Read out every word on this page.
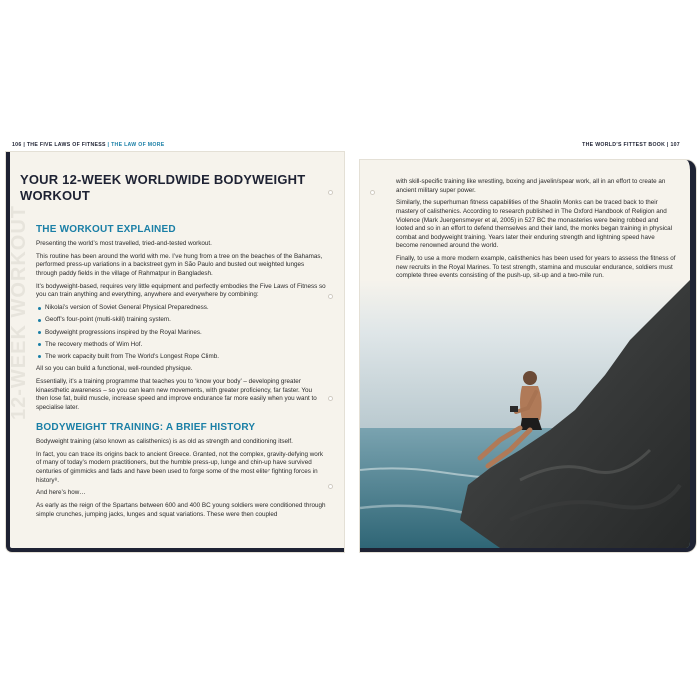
106 | THE FIVE LAWS OF FITNESS | THE LAW OF MORE	THE WORLD’S FITTEST BOOK | 107
12-WEEK WORKOUT
YOUR 12-WEEK WORLDWIDE BODYWEIGHT WORKOUT
THE WORKOUT EXPLAINED

Presenting the world’s most travelled, tried-and-tested workout.

This routine has been around the world with me. I’ve hung from a tree on the beaches of the Bahamas, performed press-up variations in a backstreet gym in São Paulo and busted out weighted lunges through paddy fields in the village of Rahmatpur in Bangladesh.

It’s bodyweight-based, requires very little equipment and perfectly embodies the Five Laws of Fitness so you can train anything and everything, anywhere and everywhere by combining:

Nikolai’s version of Soviet General Physical Preparedness.
Geoff’s four-point (multi-skill) training system.
Bodyweight progressions inspired by the Royal Marines.
The recovery methods of Wim Hof.
The work capacity built from The World’s Longest Rope Climb.

All so you can build a functional, well-rounded physique.

Essentially, it’s a training programme that teaches you to ‘know your body’ – developing greater kinaesthetic awareness – so you can learn new movements, with greater proficiency, far faster. You then lose fat, build muscle, increase speed and improve endurance far more easily when you want to specialise later.

BODYWEIGHT TRAINING: A BRIEF HISTORY

Bodyweight training (also known as calisthenics) is as old as strength and conditioning itself.

In fact, you can trace its origins back to ancient Greece. Granted, not the complex, gravity-defying work of many of today’s modern practitioners, but the humble press-up, lunge and chin-up have survived centuries of gimmicks and fads and have been used to forge some of the most elite⁷ fighting forces in history⁸.

And here’s how…

As early as the reign of the Spartans between 600 and 400 BC young soldiers were conditioned through simple crunches, jumping jacks, lunges and squat variations. These were then coupled

with skill-specific training like wrestling, boxing and javelin/spear work, all in an effort to create an ancient military super power.

Similarly, the superhuman fitness capabilities of the Shaolin Monks can be traced back to their mastery of calisthenics. According to research published in The Oxford Handbook of Religion and Violence (Mark Juergensmeyer et al, 2005) in 527 BC the monasteries were being robbed and looted and so in an effort to defend themselves and their land, the monks began training in physical combat and bodyweight training. Years later their enduring strength and lightning speed have become renowned around the world.

Finally, to use a more modern example, calisthenics has been used for years to assess the fitness of new recruits in the Royal Marines. To test strength, stamina and muscular endurance, soldiers must complete three events consisting of the push-up, sit-up and a two-mile run.
